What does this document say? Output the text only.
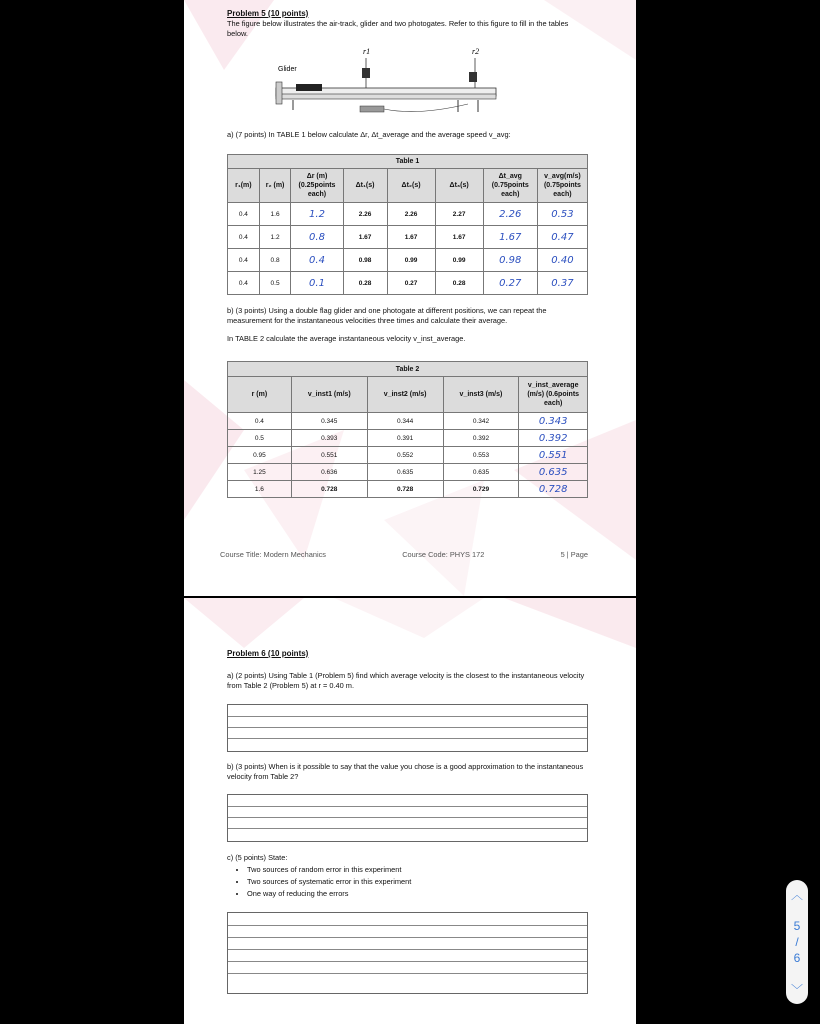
Problem 5 (10 points)
The figure below illustrates the air-track, glider and two photogates. Refer to this figure to fill in the tables below.
Glider
r1	r2
a) (7 points) In TABLE 1 below calculate Δr, Δt_average and the average speed v_avg:
Table 1							
r₁(m)	r₂ (m)	Δr (m) (0.25points each)	Δt₁(s)	Δt₂(s)	Δt₃(s)	Δt_avg (0.75points each)	v_avg(m/s) (0.75points each)
0.4	1.6	1.2	2.26	2.26	2.27	2.26	0.53
0.4	1.2	0.8	1.67	1.67	1.67	1.67	0.47
0.4	0.8	0.4	0.98	0.99	0.99	0.98	0.40
0.4	0.5	0.1	0.28	0.27	0.28	0.27	0.37
b) (3 points) Using a double flag glider and one photogate at different positions, we can repeat the measurement for the instantaneous velocities three times and calculate their average.
In TABLE 2 calculate the average instantaneous velocity v_inst_average.
Table 2				
r (m)	v_inst1 (m/s)	v_inst2 (m/s)	v_inst3 (m/s)	v_inst_average (m/s) (0.6points each)
0.4	0.345	0.344	0.342	0.343
0.5	0.393	0.391	0.392	0.392
0.95	0.551	0.552	0.553	0.551
1.25	0.636	0.635	0.635	0.635
1.6	0.728	0.728	0.729	0.728
Course Title: Modern Mechanics	Course Code: PHYS 172	5 | Page
Problem 6 (10 points)
a) (2 points) Using Table 1 (Problem 5) find which average velocity is the closest to the instantaneous velocity from Table 2 (Problem 5) at r = 0.40 m.
b) (3 points) When is it possible to say that the value you chose is a good approximation to the instantaneous velocity from Table 2?
c) (5 points) State:
• Two sources of random error in this experiment
• Two sources of systematic error in this experiment
• One way of reducing the errors	︿
5
/
6
﹀
